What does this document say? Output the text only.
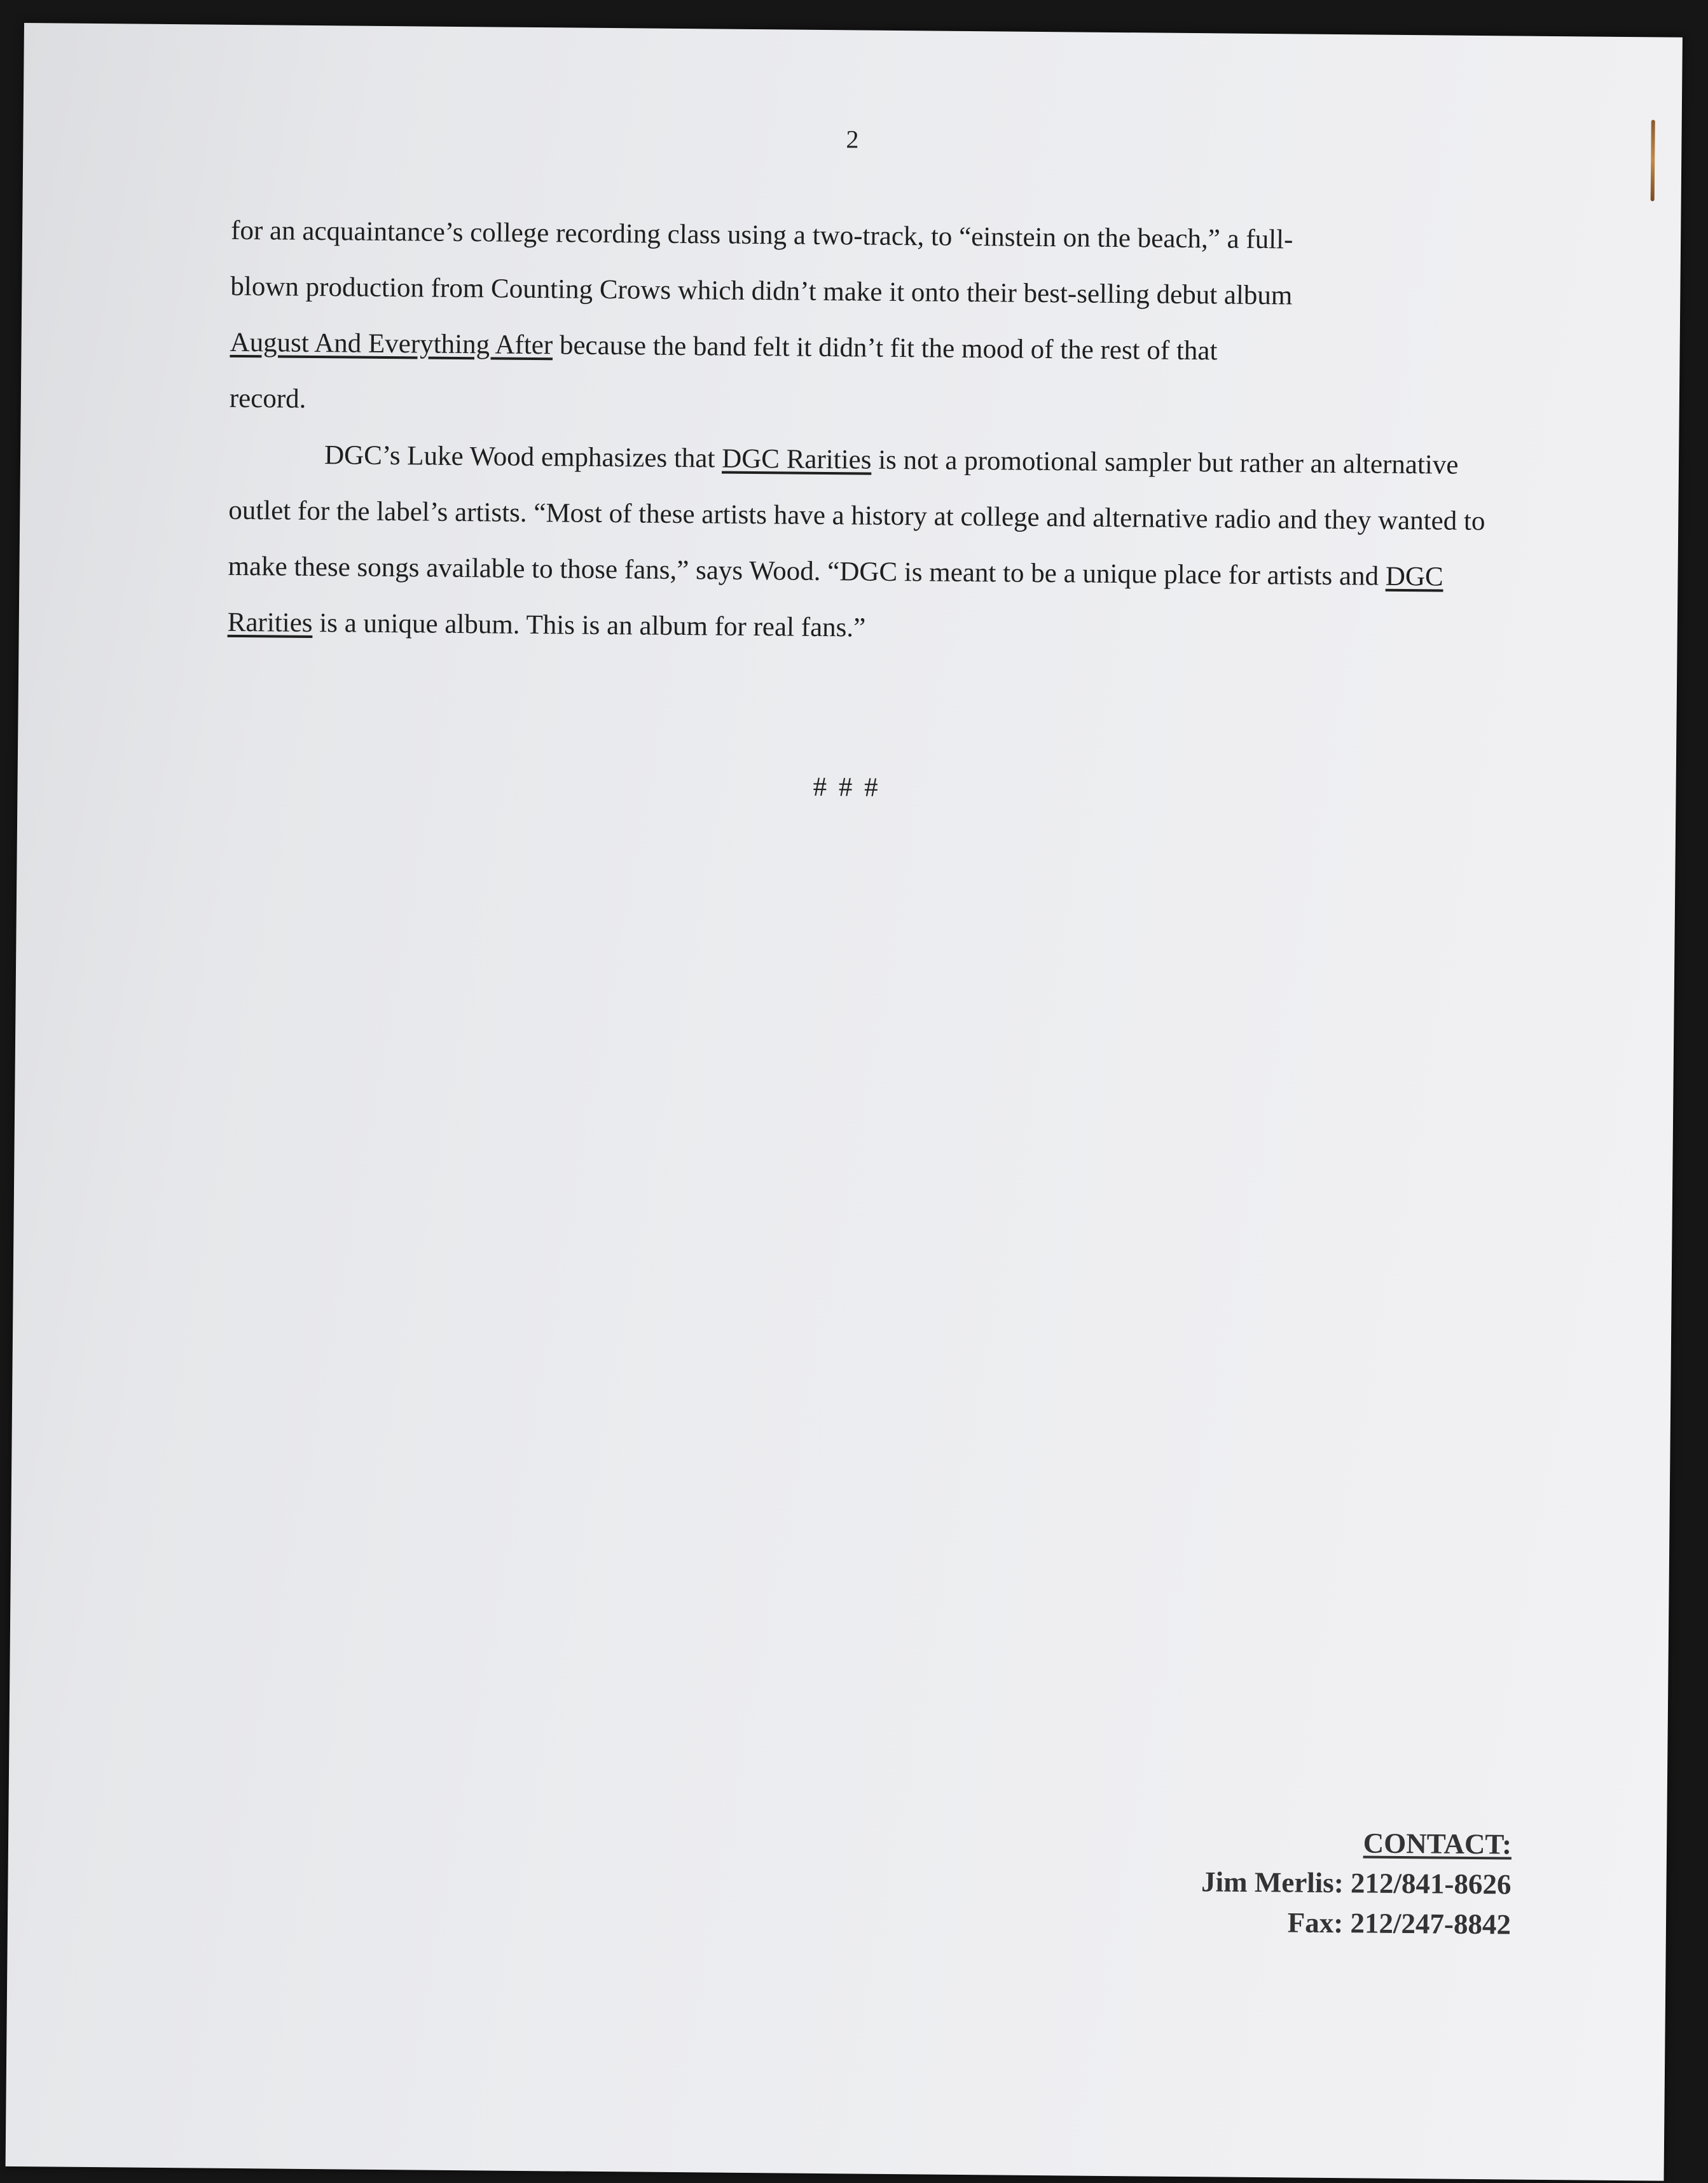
2

for an acquaintance’s college recording class using a two-track, to “einstein on the beach,” a full-
blown production from Counting Crows which didn’t make it onto their best-selling debut album
August And Everything After because the band felt it didn’t fit the mood of the rest of that
record.

DGC’s Luke Wood emphasizes that DGC Rarities is not a promotional sampler but rather an alternative outlet for the label’s artists. “Most of these artists have a history at college and alternative radio and they wanted to make these songs available to those fans,” says Wood. “DGC is meant to be a unique place for artists and DGC Rarities is a unique album. This is an album for real fans.”

# # #
CONTACT:
Jim Merlis: 212/841-8626
Fax: 212/247-8842
